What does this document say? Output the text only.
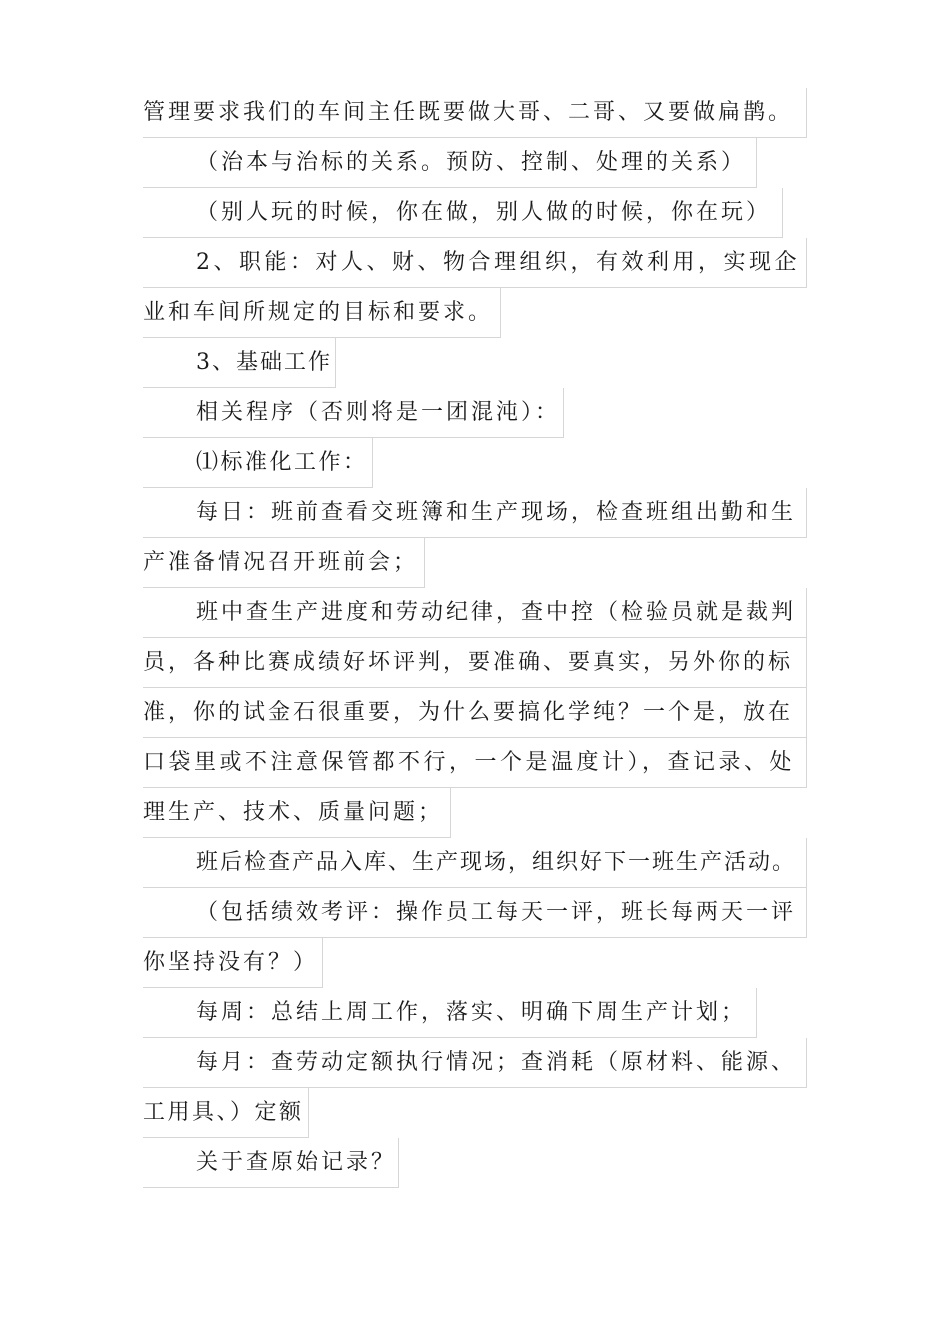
管理要求我们的车间主任既要做大哥、二哥、又要做扁鹊。
（治本与治标的关系。预防、控制、处理的关系）
（别人玩的时候，你在做，别人做的时候，你在玩）
2、职能：对人、财、物合理组织，有效利用，实现企
业和车间所规定的目标和要求。
3、基础工作
相关程序（否则将是一团混沌）：
⑴标准化工作：
每日：班前查看交班簿和生产现场，检查班组出勤和生
产准备情况召开班前会；
班中查生产进度和劳动纪律，查中控（检验员就是裁判
员，各种比赛成绩好坏评判，要准确、要真实，另外你的标
准，你的试金石很重要，为什么要搞化学纯？一个是，放在
口袋里或不注意保管都不行，一个是温度计），查记录、处
理生产、技术、质量问题；
班后检查产品入库、生产现场，组织好下一班生产活动。
（包括绩效考评：操作员工每天一评，班长每两天一评
你坚持没有？）
每周：总结上周工作，落实、明确下周生产计划；
每月：查劳动定额执行情况；查消耗（原材料、能源、
工用具、）定额
关于查原始记录？
